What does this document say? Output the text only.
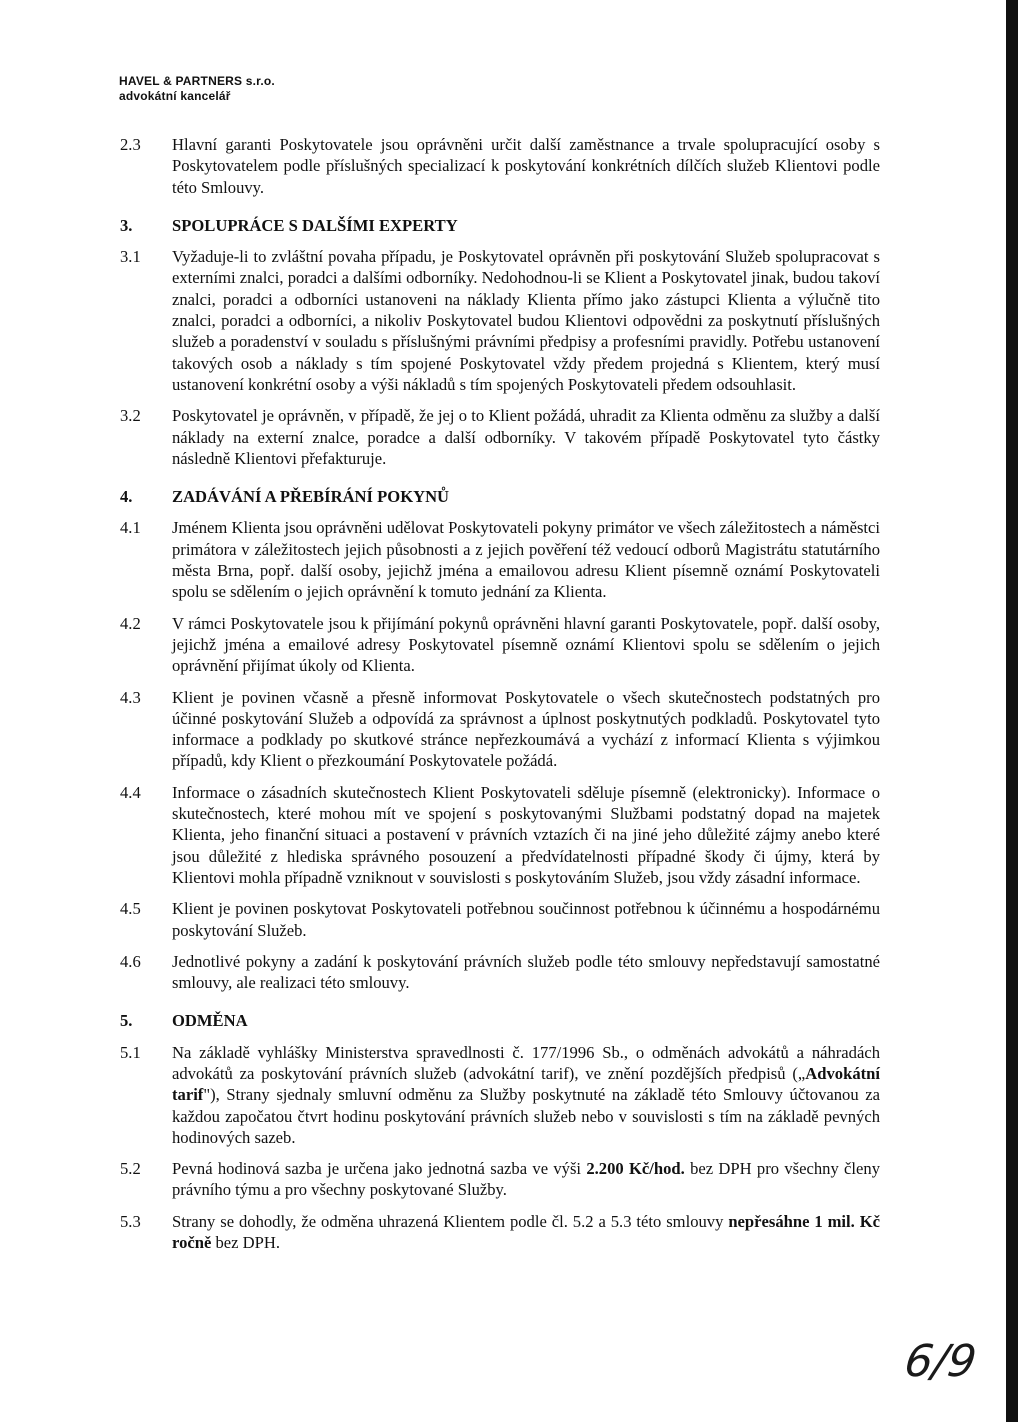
HAVEL & PARTNERS s.r.o.
advokátní kancelář
2.3	Hlavní garanti Poskytovatele jsou oprávněni určit další zaměstnance a trvale spolupracující osoby s Poskytovatelem podle příslušných specializací k poskytování konkrétních dílčích služeb Klientovi podle této Smlouvy.
3.	SPOLUPRÁCE S DALŠÍMI EXPERTY
3.1	Vyžaduje-li to zvláštní povaha případu, je Poskytovatel oprávněn při poskytování Služeb spolupracovat s externími znalci, poradci a dalšími odborníky. Nedohodnou-li se Klient a Poskytovatel jinak, budou takoví znalci, poradci a odborníci ustanoveni na náklady Klienta přímo jako zástupci Klienta a výlučně tito znalci, poradci a odborníci, a nikoliv Poskytovatel budou Klientovi odpovědni za poskytnutí příslušných služeb a poradenství v souladu s příslušnými právními předpisy a profesními pravidly. Potřebu ustanovení takových osob a náklady s tím spojené Poskytovatel vždy předem projedná s Klientem, který musí ustanovení konkrétní osoby a výši nákladů s tím spojených Poskytovateli předem odsouhlasit.
3.2	Poskytovatel je oprávněn, v případě, že jej o to Klient požádá, uhradit za Klienta odměnu za služby a další náklady na externí znalce, poradce a další odborníky. V takovém případě Poskytovatel tyto částky následně Klientovi přefakturuje.
4.	ZADÁVÁNÍ A PŘEBÍRÁNÍ POKYNŮ
4.1	Jménem Klienta jsou oprávněni udělovat Poskytovateli pokyny primátor ve všech záležitostech a náměstci primátora v záležitostech jejich působnosti a z jejich pověření též vedoucí odborů Magistrátu statutárního města Brna, popř. další osoby, jejichž jména a emailovou adresu Klient písemně oznámí Poskytovateli spolu se sdělením o jejich oprávnění k tomuto jednání za Klienta.
4.2	V rámci Poskytovatele jsou k přijímání pokynů oprávněni hlavní garanti Poskytovatele, popř. další osoby, jejichž jména a emailové adresy Poskytovatel písemně oznámí Klientovi spolu se sdělením o jejich oprávnění přijímat úkoly od Klienta.
4.3	Klient je povinen včasně a přesně informovat Poskytovatele o všech skutečnostech podstatných pro účinné poskytování Služeb a odpovídá za správnost a úplnost poskytnutých podkladů. Poskytovatel tyto informace a podklady po skutkové stránce nepřezkoumává a vychází z informací Klienta s výjimkou případů, kdy Klient o přezkoumání Poskytovatele požádá.
4.4	Informace o zásadních skutečnostech Klient Poskytovateli sděluje písemně (elektronicky). Informace o skutečnostech, které mohou mít ve spojení s poskytovanými Službami podstatný dopad na majetek Klienta, jeho finanční situaci a postavení v právních vztazích či na jiné jeho důležité zájmy anebo které jsou důležité z hlediska správného posouzení a předvídatelnosti případné škody či újmy, která by Klientovi mohla případně vzniknout v souvislosti s poskytováním Služeb, jsou vždy zásadní informace.
4.5	Klient je povinen poskytovat Poskytovateli potřebnou součinnost potřebnou k účinnému a hospodárnému poskytování Služeb.
4.6	Jednotlivé pokyny a zadání k poskytování právních služeb podle této smlouvy nepředstavují samostatné smlouvy, ale realizaci této smlouvy.
5.	ODMĚNA
5.1	Na základě vyhlášky Ministerstva spravedlnosti č. 177/1996 Sb., o odměnách advokátů a náhradách advokátů za poskytování právních služeb (advokátní tarif), ve znění pozdějších předpisů („Advokátní tarif"), Strany sjednaly smluvní odměnu za Služby poskytnuté na základě této Smlouvy účtovanou za každou započatou čtvrt hodinu poskytování právních služeb nebo v souvislosti s tím na základě pevných hodinových sazeb.
5.2	Pevná hodinová sazba je určena jako jednotná sazba ve výši 2.200 Kč/hod. bez DPH pro všechny členy právního týmu a pro všechny poskytované Služby.
5.3	Strany se dohodly, že odměna uhrazená Klientem podle čl. 5.2 a 5.3 této smlouvy nepřesáhne 1 mil. Kč ročně bez DPH.
6/9
